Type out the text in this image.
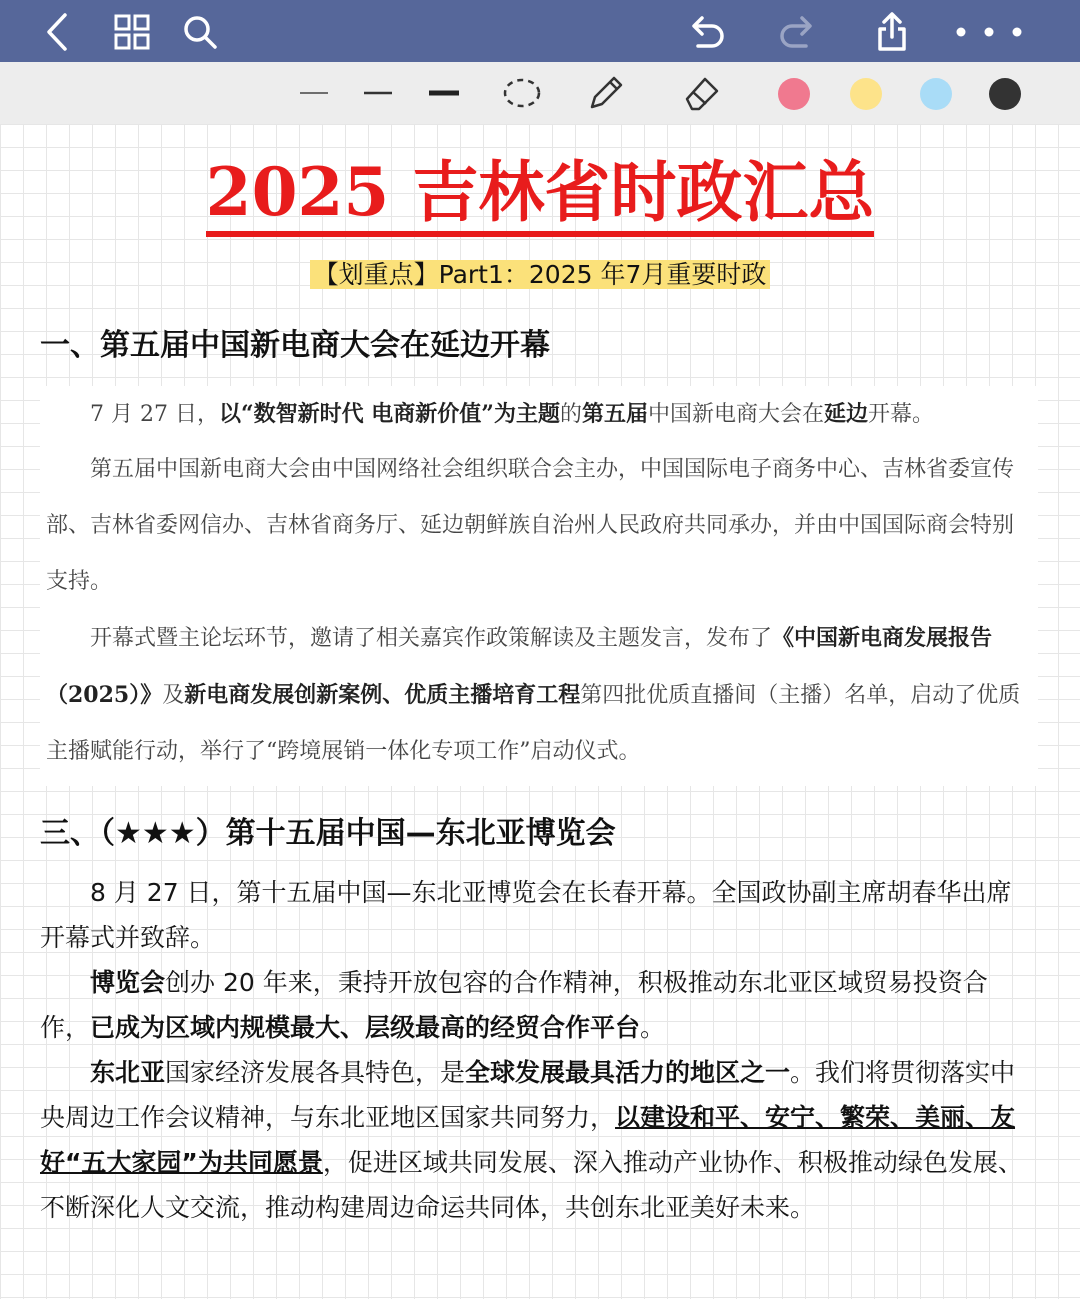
2025 吉林省时政汇总
【划重点】Part1：2025 年7月重要时政
一、第五届中国新电商大会在延边开幕

7 月 27 日，以“数智新时代 电商新价值”为主题的第五届中国新电商大会在延边开幕。

第五届中国新电商大会由中国网络社会组织联合会主办，中国国际电子商务中心、吉林省委宣传部、吉林省委网信办、吉林省商务厅、延边朝鲜族自治州人民政府共同承办，并由中国国际商会特别支持。

开幕式暨主论坛环节，邀请了相关嘉宾作政策解读及主题发言，发布了《中国新电商发展报告（2025）》及新电商发展创新案例、优质主播培育工程第四批优质直播间（主播）名单，启动了优质主播赋能行动，举行了“跨境展销一体化专项工作”启动仪式。

三、（★★★）第十五届中国—东北亚博览会

8 月 27 日，第十五届中国—东北亚博览会在长春开幕。全国政协副主席胡春华出席开幕式并致辞。

博览会创办 20 年来，秉持开放包容的合作精神，积极推动东北亚区域贸易投资合作，已成为区域内规模最大、层级最高的经贸合作平台。

东北亚国家经济发展各具特色，是全球发展最具活力的地区之一。我们将贯彻落实中央周边工作会议精神，与东北亚地区国家共同努力，以建设和平、安宁、繁荣、美丽、友好“五大家园”为共同愿景，促进区域共同发展、深入推动产业协作、积极推动绿色发展、不断深化人文交流，推动构建周边命运共同体，共创东北亚美好未来。
